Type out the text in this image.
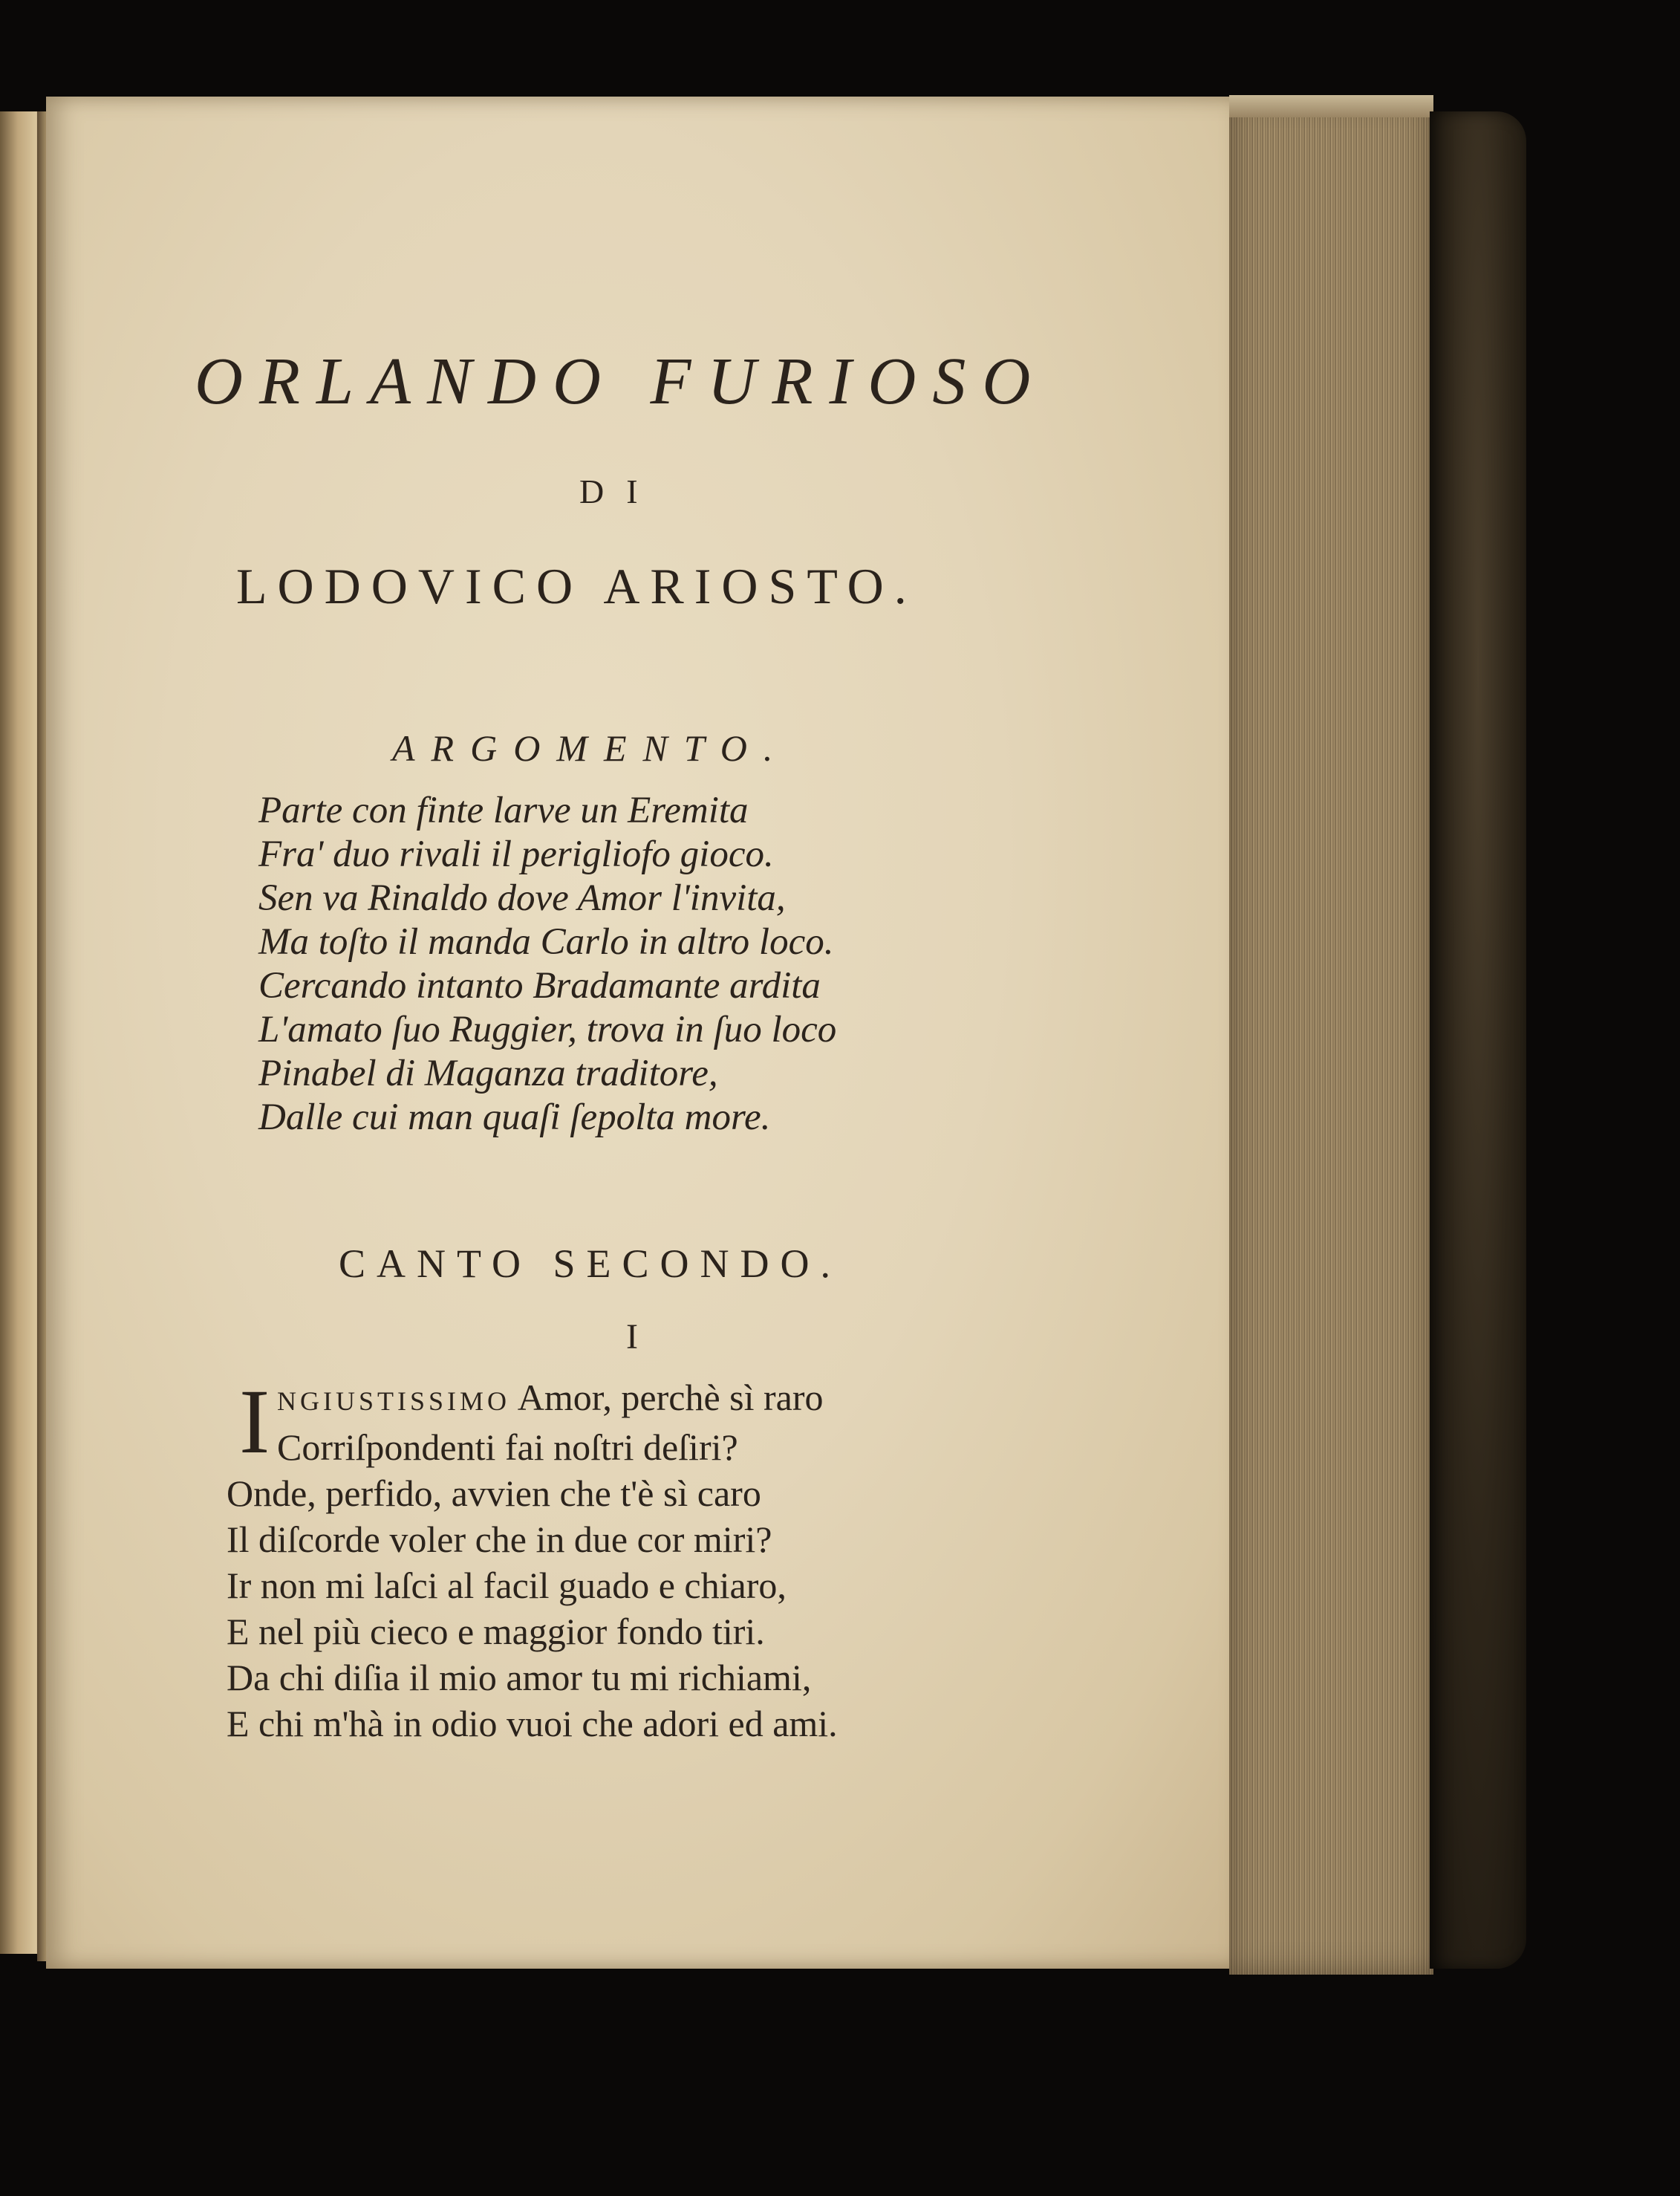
ORLANDO FURIOSO
DI
LODOVICO ARIOSTO.
ARGOMENTO.
Parte con finte larve un Eremita
Fra' duo rivali il perigliofo gioco.
Sen va Rinaldo dove Amor l'invita,
Ma toſto il manda Carlo in altro loco.
Cercando intanto Bradamante ardita
L'amato ſuo Ruggier, trova in ſuo loco
Pinabel di Maganza traditore,
Dalle cui man quaſi ſepolta more.
CANTO SECONDO.
I
I NGIUSTISSIMO Amor, perchè sì raro
Corriſpondenti fai noſtri deſiri?
Onde, perfido, avvien che t'è sì caro
Il diſcorde voler che in due cor miri?
Ir non mi laſci al facil guado e chiaro,
E nel più cieco e maggior fondo tiri.
Da chi diſia il mio amor tu mi richiami,
E chi m'hà in odio vuoi che adori ed ami.
